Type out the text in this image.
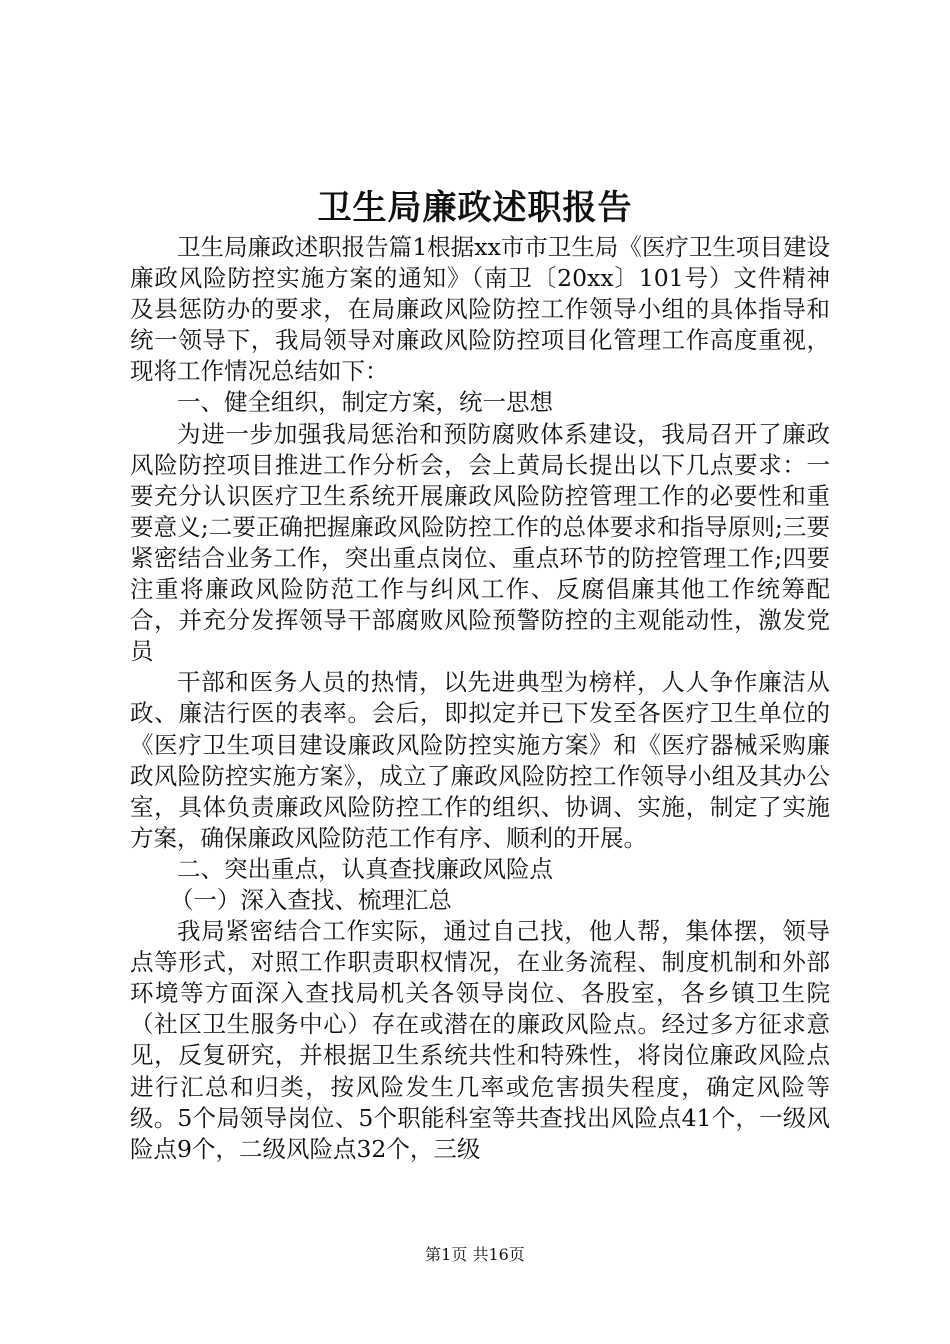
卫生局廉政述职报告

卫生局廉政述职报告篇1根据xx市市卫生局《医疗卫生项目建设廉政风险防控实施方案的通知》（南卫〔20xx〕101号）文件精神及县惩防办的要求，在局廉政风险防控工作领导小组的具体指导和统一领导下，我局领导对廉政风险防控项目化管理工作高度重视，现将工作情况总结如下：

一、健全组织，制定方案，统一思想

为进一步加强我局惩治和预防腐败体系建设，我局召开了廉政风险防控项目推进工作分析会，会上黄局长提出以下几点要求：一要充分认识医疗卫生系统开展廉政风险防控管理工作的必要性和重要意义;二要正确把握廉政风险防控工作的总体要求和指导原则;三要紧密结合业务工作，突出重点岗位、重点环节的防控管理工作;四要注重将廉政风险防范工作与纠风工作、反腐倡廉其他工作统筹配合，并充分发挥领导干部腐败风险预警防控的主观能动性，激发党员

干部和医务人员的热情，以先进典型为榜样，人人争作廉洁从政、廉洁行医的表率。会后，即拟定并已下发至各医疗卫生单位的《医疗卫生项目建设廉政风险防控实施方案》和《医疗器械采购廉政风险防控实施方案》，成立了廉政风险防控工作领导小组及其办公室，具体负责廉政风险防控工作的组织、协调、实施，制定了实施方案，确保廉政风险防范工作有序、顺利的开展。

二、突出重点，认真查找廉政风险点

（一）深入查找、梳理汇总

我局紧密结合工作实际，通过自己找，他人帮，集体摆，领导点等形式，对照工作职责职权情况，在业务流程、制度机制和外部环境等方面深入查找局机关各领导岗位、各股室，各乡镇卫生院（社区卫生服务中心）存在或潜在的廉政风险点。经过多方征求意见，反复研究，并根据卫生系统共性和特殊性，将岗位廉政风险点进行汇总和归类，按风险发生几率或危害损失程度，确定风险等级。5个局领导岗位、5个职能科室等共查找出风险点41个，一级风险点9个，二级风险点32个，三级

第1页 共16页
